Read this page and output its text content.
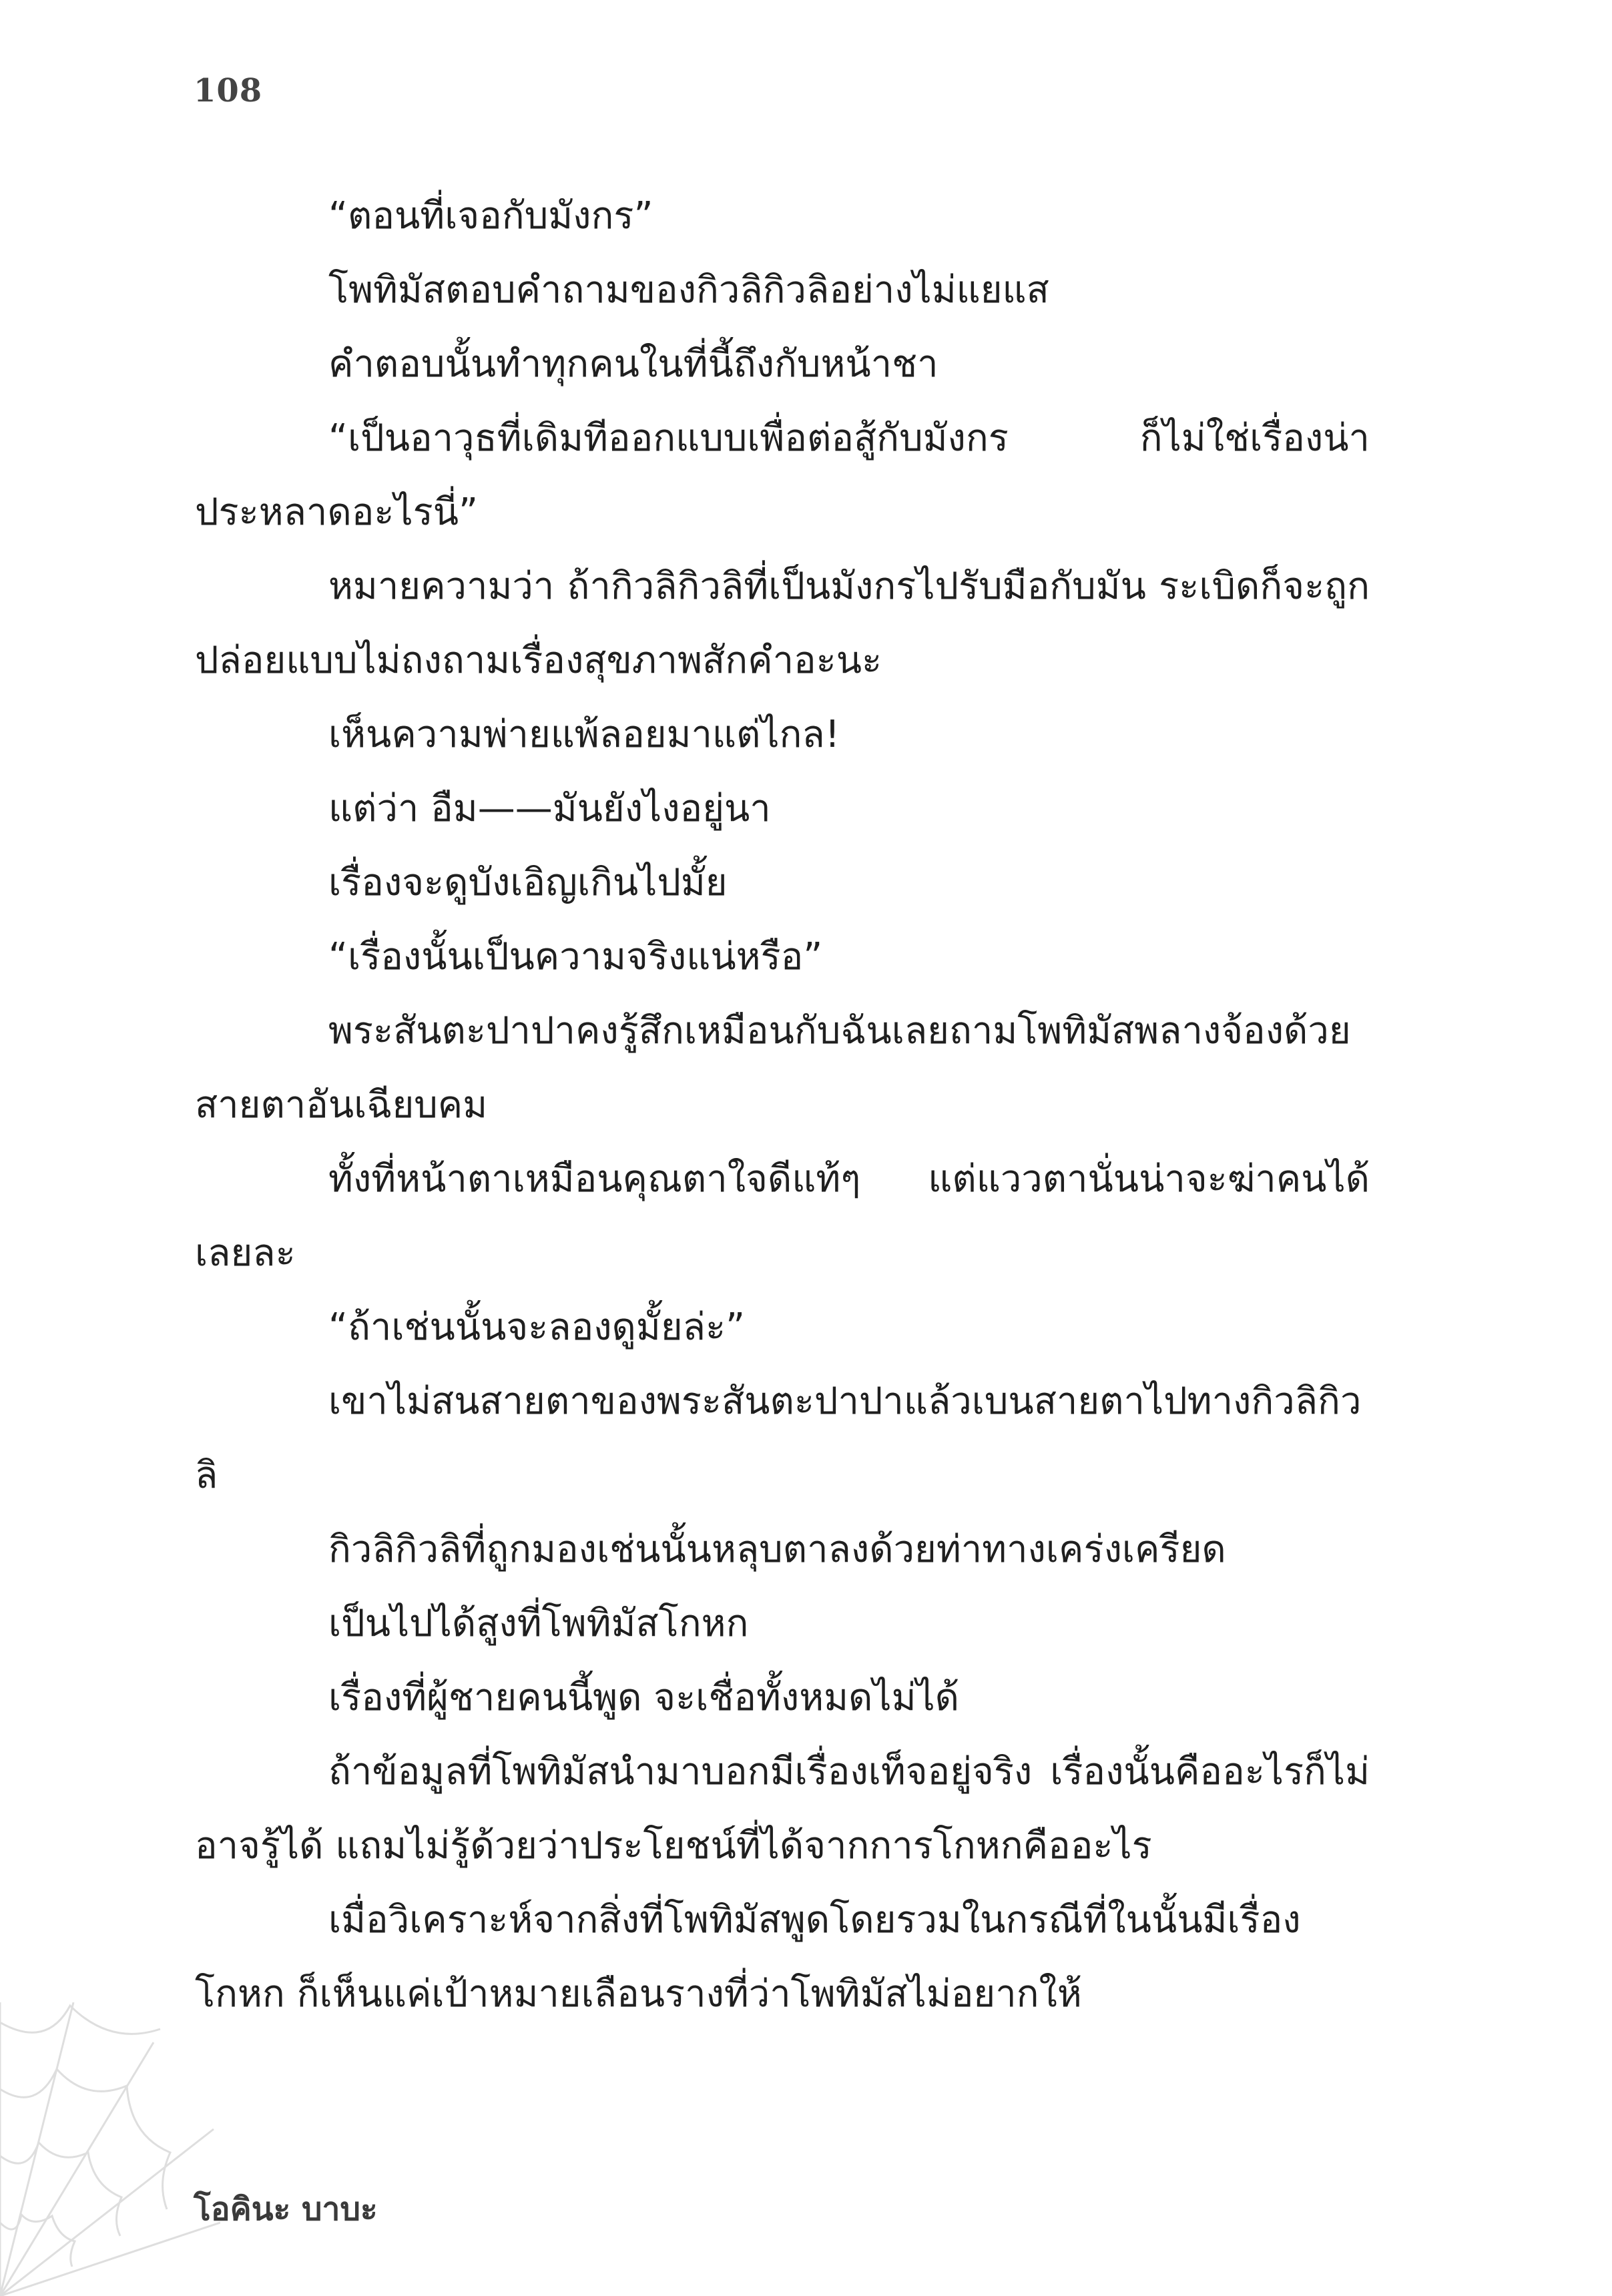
108

“ตอนที่เจอกับมังกร”

โพทิมัสตอบคำถามของกิวลิกิวลิอย่างไม่แยแส

คำตอบนั้นทำทุกคนในที่นี้ถึงกับหน้าชา

“เป็นอาวุธที่เดิมทีออกแบบเพื่อต่อสู้กับมังกร ก็ไม่ใช่เรื่องน่าประหลาดอะไรนี่”

หมายความว่า ถ้ากิวลิกิวลิที่เป็นมังกรไปรับมือกับมัน ระเบิดก็จะถูกปล่อยแบบไม่ถงถามเรื่องสุขภาพสักคำอะนะ

เห็นความพ่ายแพ้ลอยมาแต่ไกล!

แต่ว่า อืม——มันยังไงอยู่นา

เรื่องจะดูบังเอิญเกินไปมั้ย

“เรื่องนั้นเป็นความจริงแน่หรือ”

พระสันตะปาปาคงรู้สึกเหมือนกับฉันเลยถามโพทิมัสพลางจ้องด้วยสายตาอันเฉียบคม

ทั้งที่หน้าตาเหมือนคุณตาใจดีแท้ๆ แต่แววตานั่นน่าจะฆ่าคนได้เลยละ

“ถ้าเช่นนั้นจะลองดูมั้ยล่ะ”

เขาไม่สนสายตาของพระสันตะปาปาแล้วเบนสายตาไปทางกิวลิกิวลิ

กิวลิกิวลิที่ถูกมองเช่นนั้นหลุบตาลงด้วยท่าทางเคร่งเครียด

เป็นไปได้สูงที่โพทิมัสโกหก

เรื่องที่ผู้ชายคนนี้พูด จะเชื่อทั้งหมดไม่ได้

ถ้าข้อมูลที่โพทิมัสนำมาบอกมีเรื่องเท็จอยู่จริง เรื่องนั้นคืออะไรก็ไม่อาจรู้ได้ แถมไม่รู้ด้วยว่าประโยชน์ที่ได้จากการโกหกคืออะไร

เมื่อวิเคราะห์จากสิ่งที่โพทิมัสพูดโดยรวมในกรณีที่ในนั้นมีเรื่องโกหก ก็เห็นแค่เป้าหมายเลือนรางที่ว่าโพทิมัสไม่อยากให้

โอคินะ บาบะ
